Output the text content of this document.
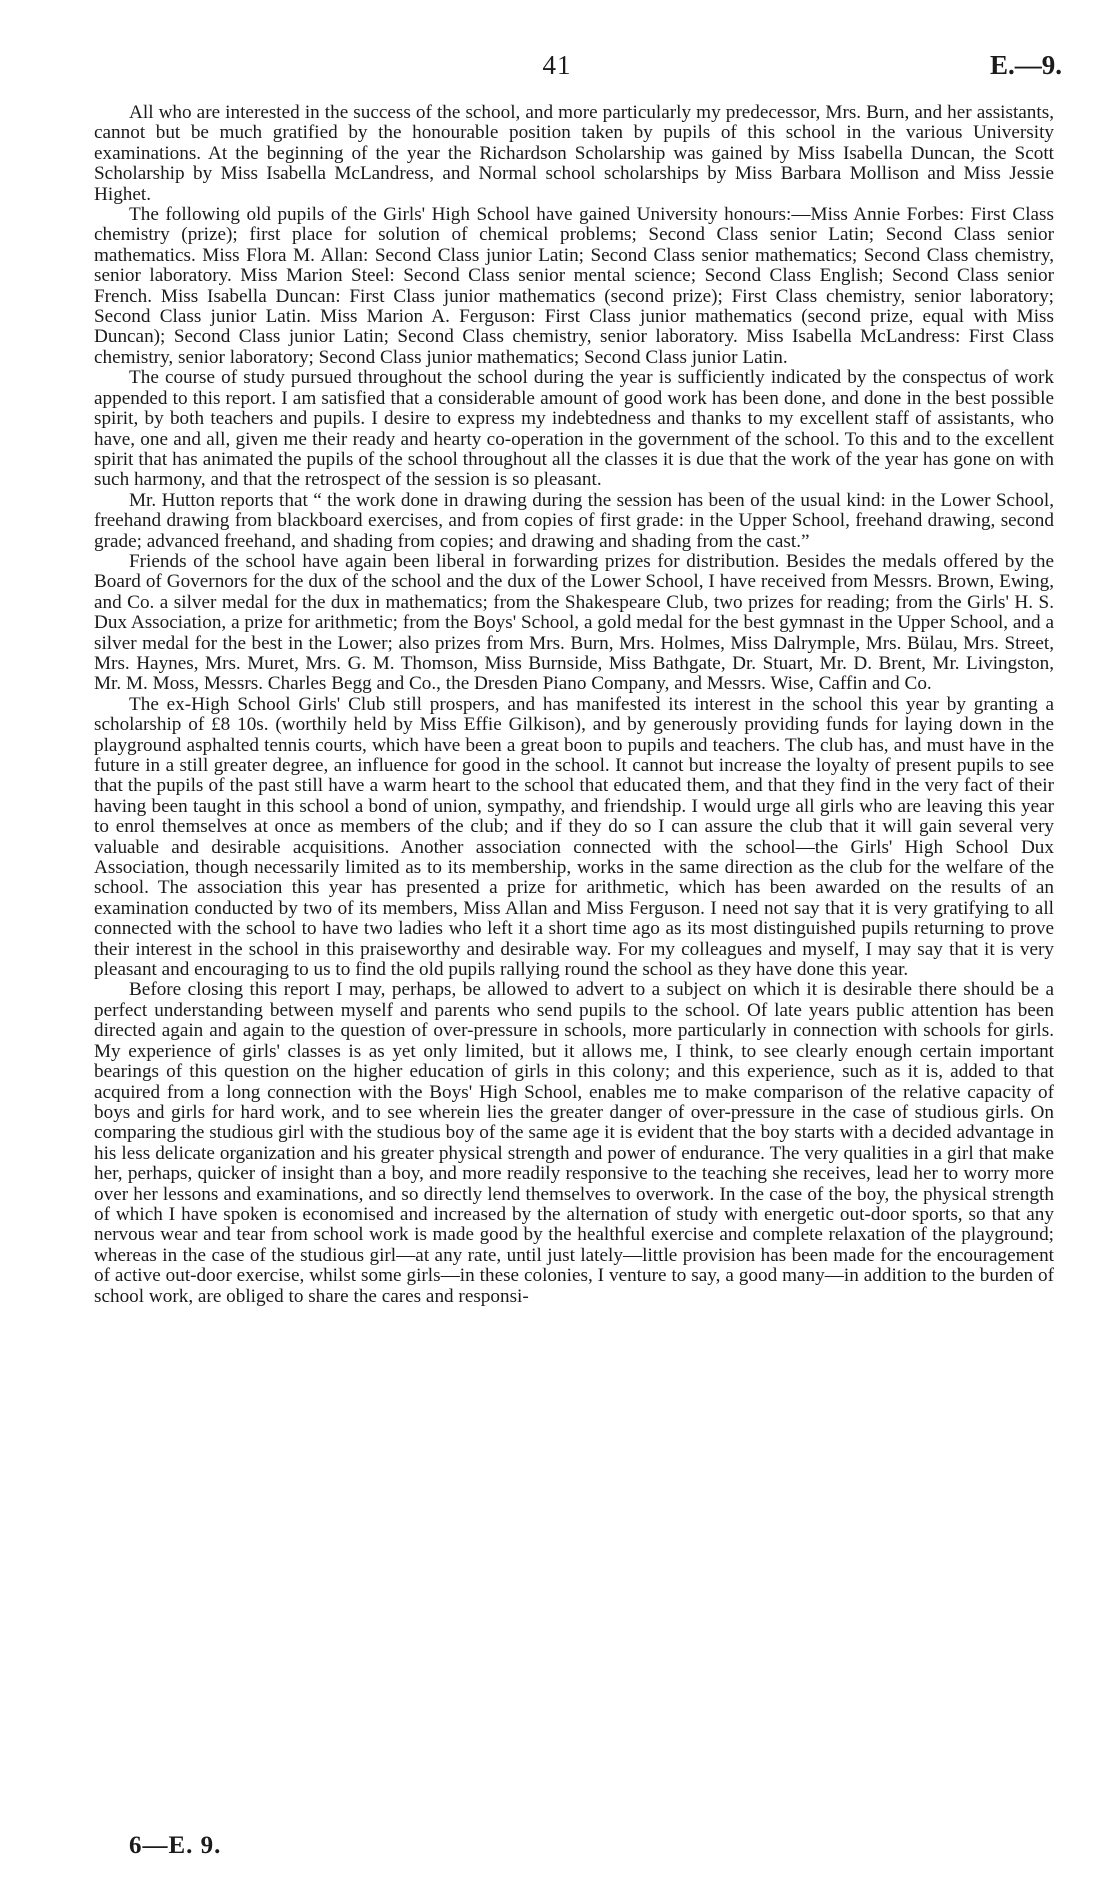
41	E.—9.

All who are interested in the success of the school, and more particularly my predecessor, Mrs. Burn, and her assistants, cannot but be much gratified by the honourable position taken by pupils of this school in the various University examinations. At the beginning of the year the Richardson Scholarship was gained by Miss Isabella Duncan, the Scott Scholarship by Miss Isabella McLandress, and Normal school scholarships by Miss Barbara Mollison and Miss Jessie Highet.

The following old pupils of the Girls' High School have gained University honours:—Miss Annie Forbes: First Class chemistry (prize); first place for solution of chemical problems; Second Class senior Latin; Second Class senior mathematics. Miss Flora M. Allan: Second Class junior Latin; Second Class senior mathematics; Second Class chemistry, senior laboratory. Miss Marion Steel: Second Class senior mental science; Second Class English; Second Class senior French. Miss Isabella Duncan: First Class junior mathematics (second prize); First Class chemistry, senior laboratory; Second Class junior Latin. Miss Marion A. Ferguson: First Class junior mathematics (second prize, equal with Miss Duncan); Second Class junior Latin; Second Class chemistry, senior laboratory. Miss Isabella McLandress: First Class chemistry, senior laboratory; Second Class junior mathematics; Second Class junior Latin.

The course of study pursued throughout the school during the year is sufficiently indicated by the conspectus of work appended to this report. I am satisfied that a considerable amount of good work has been done, and done in the best possible spirit, by both teachers and pupils. I desire to express my indebtedness and thanks to my excellent staff of assistants, who have, one and all, given me their ready and hearty co-operation in the government of the school. To this and to the excellent spirit that has animated the pupils of the school throughout all the classes it is due that the work of the year has gone on with such harmony, and that the retrospect of the session is so pleasant.

Mr. Hutton reports that “ the work done in drawing during the session has been of the usual kind: in the Lower School, freehand drawing from blackboard exercises, and from copies of first grade: in the Upper School, freehand drawing, second grade; advanced freehand, and shading from copies; and drawing and shading from the cast.”

Friends of the school have again been liberal in forwarding prizes for distribution. Besides the medals offered by the Board of Governors for the dux of the school and the dux of the Lower School, I have received from Messrs. Brown, Ewing, and Co. a silver medal for the dux in mathematics; from the Shakespeare Club, two prizes for reading; from the Girls' H. S. Dux Association, a prize for arithmetic; from the Boys' School, a gold medal for the best gymnast in the Upper School, and a silver medal for the best in the Lower; also prizes from Mrs. Burn, Mrs. Holmes, Miss Dalrymple, Mrs. Bülau, Mrs. Street, Mrs. Haynes, Mrs. Muret, Mrs. G. M. Thomson, Miss Burnside, Miss Bathgate, Dr. Stuart, Mr. D. Brent, Mr. Livingston, Mr. M. Moss, Messrs. Charles Begg and Co., the Dresden Piano Company, and Messrs. Wise, Caffin and Co.

The ex-High School Girls' Club still prospers, and has manifested its interest in the school this year by granting a scholarship of £8 10s. (worthily held by Miss Effie Gilkison), and by generously providing funds for laying down in the playground asphalted tennis courts, which have been a great boon to pupils and teachers. The club has, and must have in the future in a still greater degree, an influence for good in the school. It cannot but increase the loyalty of present pupils to see that the pupils of the past still have a warm heart to the school that educated them, and that they find in the very fact of their having been taught in this school a bond of union, sympathy, and friendship. I would urge all girls who are leaving this year to enrol themselves at once as members of the club; and if they do so I can assure the club that it will gain several very valuable and desirable acquisitions. Another association connected with the school—the Girls' High School Dux Association, though necessarily limited as to its membership, works in the same direction as the club for the welfare of the school. The association this year has presented a prize for arithmetic, which has been awarded on the results of an examination conducted by two of its members, Miss Allan and Miss Ferguson. I need not say that it is very gratifying to all connected with the school to have two ladies who left it a short time ago as its most distinguished pupils returning to prove their interest in the school in this praiseworthy and desirable way. For my colleagues and myself, I may say that it is very pleasant and encouraging to us to find the old pupils rallying round the school as they have done this year.

Before closing this report I may, perhaps, be allowed to advert to a subject on which it is desirable there should be a perfect understanding between myself and parents who send pupils to the school. Of late years public attention has been directed again and again to the question of over-pressure in schools, more particularly in connection with schools for girls. My experience of girls' classes is as yet only limited, but it allows me, I think, to see clearly enough certain important bearings of this question on the higher education of girls in this colony; and this experience, such as it is, added to that acquired from a long connection with the Boys' High School, enables me to make comparison of the relative capacity of boys and girls for hard work, and to see wherein lies the greater danger of over-pressure in the case of studious girls. On comparing the studious girl with the studious boy of the same age it is evident that the boy starts with a decided advantage in his less delicate organization and his greater physical strength and power of endurance. The very qualities in a girl that make her, perhaps, quicker of insight than a boy, and more readily responsive to the teaching she receives, lead her to worry more over her lessons and examinations, and so directly lend themselves to overwork. In the case of the boy, the physical strength of which I have spoken is economised and increased by the alternation of study with energetic out-door sports, so that any nervous wear and tear from school work is made good by the healthful exercise and complete relaxation of the playground; whereas in the case of the studious girl—at any rate, until just lately—little provision has been made for the encouragement of active out-door exercise, whilst some girls—in these colonies, I venture to say, a good many—in addition to the burden of school work, are obliged to share the cares and responsi-

6—E. 9.
